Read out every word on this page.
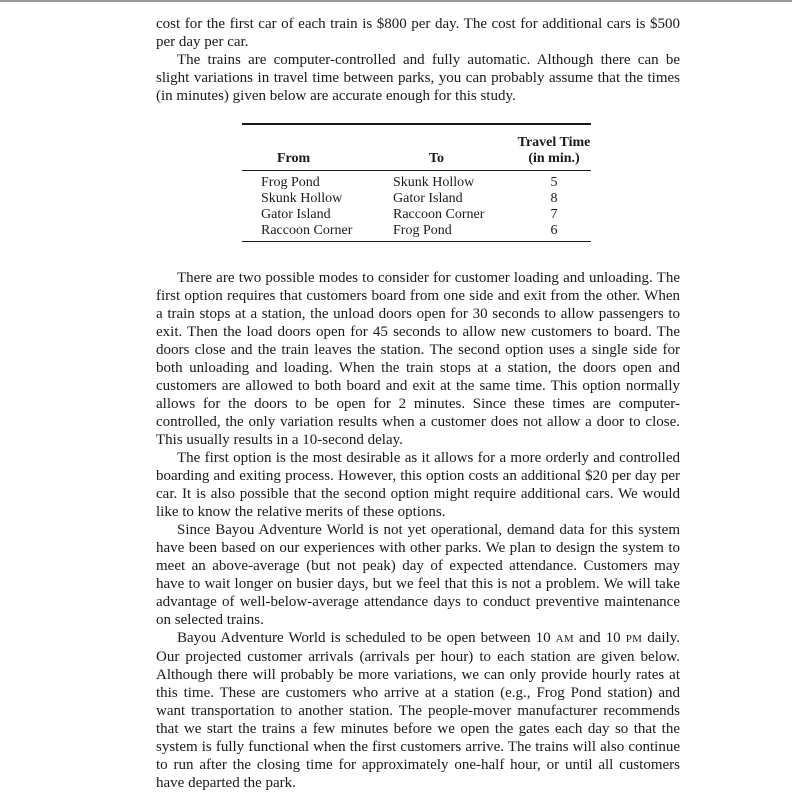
cost for the first car of each train is $800 per day. The cost for additional cars is $500 per day per car.

The trains are computer-controlled and fully automatic. Although there can be slight variations in travel time between parks, you can probably assume that the times (in minutes) given below are accurate enough for this study.

From	To	Travel Time
(in min.)
Frog Pond	Skunk Hollow	5
Skunk Hollow	Gator Island	8
Gator Island	Raccoon Corner	7
Raccoon Corner	Frog Pond	6

There are two possible modes to consider for customer loading and unloading. The first option requires that customers board from one side and exit from the other. When a train stops at a station, the unload doors open for 30 seconds to allow passengers to exit. Then the load doors open for 45 seconds to allow new customers to board. The doors close and the train leaves the station. The second option uses a single side for both unloading and loading. When the train stops at a station, the doors open and customers are allowed to both board and exit at the same time. This option normally allows for the doors to be open for 2 minutes. Since these times are computer-controlled, the only variation results when a customer does not allow a door to close. This usually results in a 10-second delay.

The first option is the most desirable as it allows for a more orderly and controlled boarding and exiting process. However, this option costs an additional $20 per day per car. It is also possible that the second option might require additional cars. We would like to know the relative merits of these options.

Since Bayou Adventure World is not yet operational, demand data for this system have been based on our experiences with other parks. We plan to design the system to meet an above-average (but not peak) day of expected attendance. Customers may have to wait longer on busier days, but we feel that this is not a problem. We will take advantage of well-below-average attendance days to conduct preventive maintenance on selected trains.

Bayou Adventure World is scheduled to be open between 10 AM and 10 PM daily. Our projected customer arrivals (arrivals per hour) to each station are given below. Although there will probably be more variations, we can only provide hourly rates at this time. These are customers who arrive at a station (e.g., Frog Pond station) and want transportation to another station. The people-mover manufacturer recommends that we start the trains a few minutes before we open the gates each day so that the system is fully functional when the first customers arrive. The trains will also continue to run after the closing time for approximately one-half hour, or until all customers have departed the park.
